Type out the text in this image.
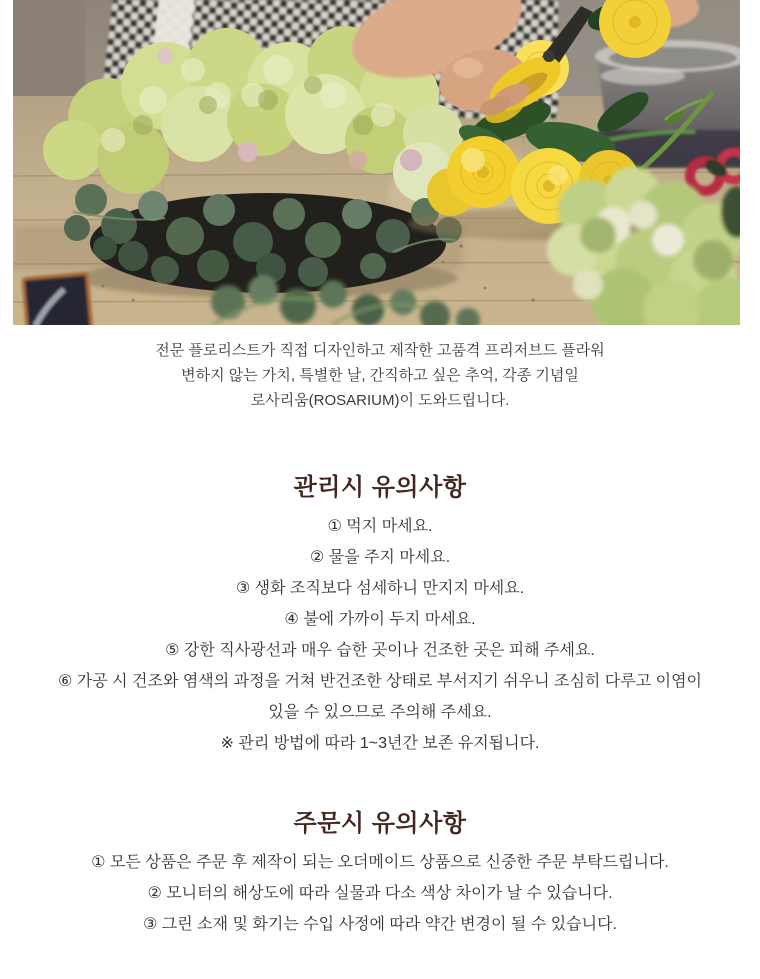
전문 플로리스트가 직접 디자인하고 제작한 고품격 프리저브드 플라워

변하지 않는 가치, 특별한 날, 간직하고 싶은 추억, 각종 기념일

로사리움(ROSARIUM)이 도와드립니다.

관리시 유의사항
① 먹지 마세요.
② 물을 주지 마세요.
③ 생화 조직보다 섬세하니 만지지 마세요.
④ 불에 가까이 두지 마세요.
⑤ 강한 직사광선과 매우 습한 곳이나 건조한 곳은 피해 주세요.
⑥ 가공 시 건조와 염색의 과정을 거쳐 반건조한 상태로 부서지기 쉬우니 조심히 다루고 이염이 있을 수 있으므로 주의해 주세요.
※ 관리 방법에 따라 1~3년간 보존 유지됩니다.
주문시 유의사항
① 모든 상품은 주문 후 제작이 되는 오더메이드 상품으로 신중한 주문 부탁드립니다.
② 모니터의 해상도에 따라 실물과 다소 색상 차이가 날 수 있습니다.
③ 그린 소재 및 화기는 수입 사정에 따라 약간 변경이 될 수 있습니다.
